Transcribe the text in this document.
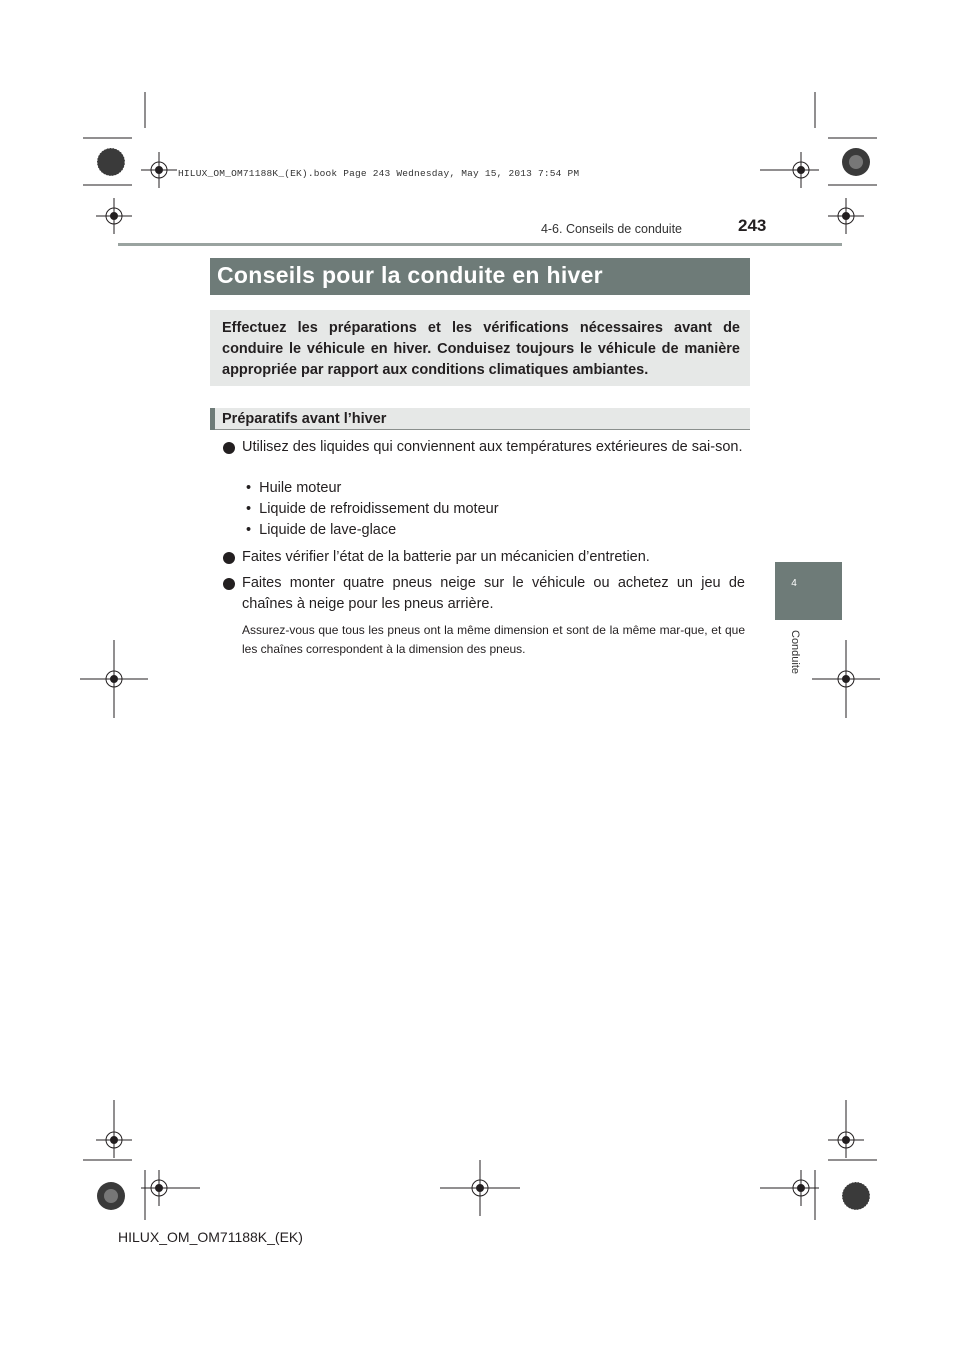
HILUX_OM_OM71188K_(EK).book Page 243 Wednesday, May 15, 2013 7:54 PM
4-6. Conseils de conduite	243
4
Conduite
Conseils pour la conduite en hiver
Effectuez les préparations et les vérifications nécessaires avant de conduire le véhicule en hiver. Conduisez toujours le véhicule de manière appropriée par rapport aux conditions climatiques ambiantes.
Préparatifs avant l’hiver
Utilisez des liquides qui conviennent aux températures extérieures de sai-son.
•  Huile moteur
•  Liquide de refroidissement du moteur
•  Liquide de lave-glace
Faites vérifier l’état de la batterie par un mécanicien d’entretien.
Faites monter quatre pneus neige sur le véhicule ou achetez un jeu de chaînes à neige pour les pneus arrière.
Assurez-vous que tous les pneus ont la même dimension et sont de la même mar-que, et que les chaînes correspondent à la dimension des pneus.
HILUX_OM_OM71188K_(EK)
